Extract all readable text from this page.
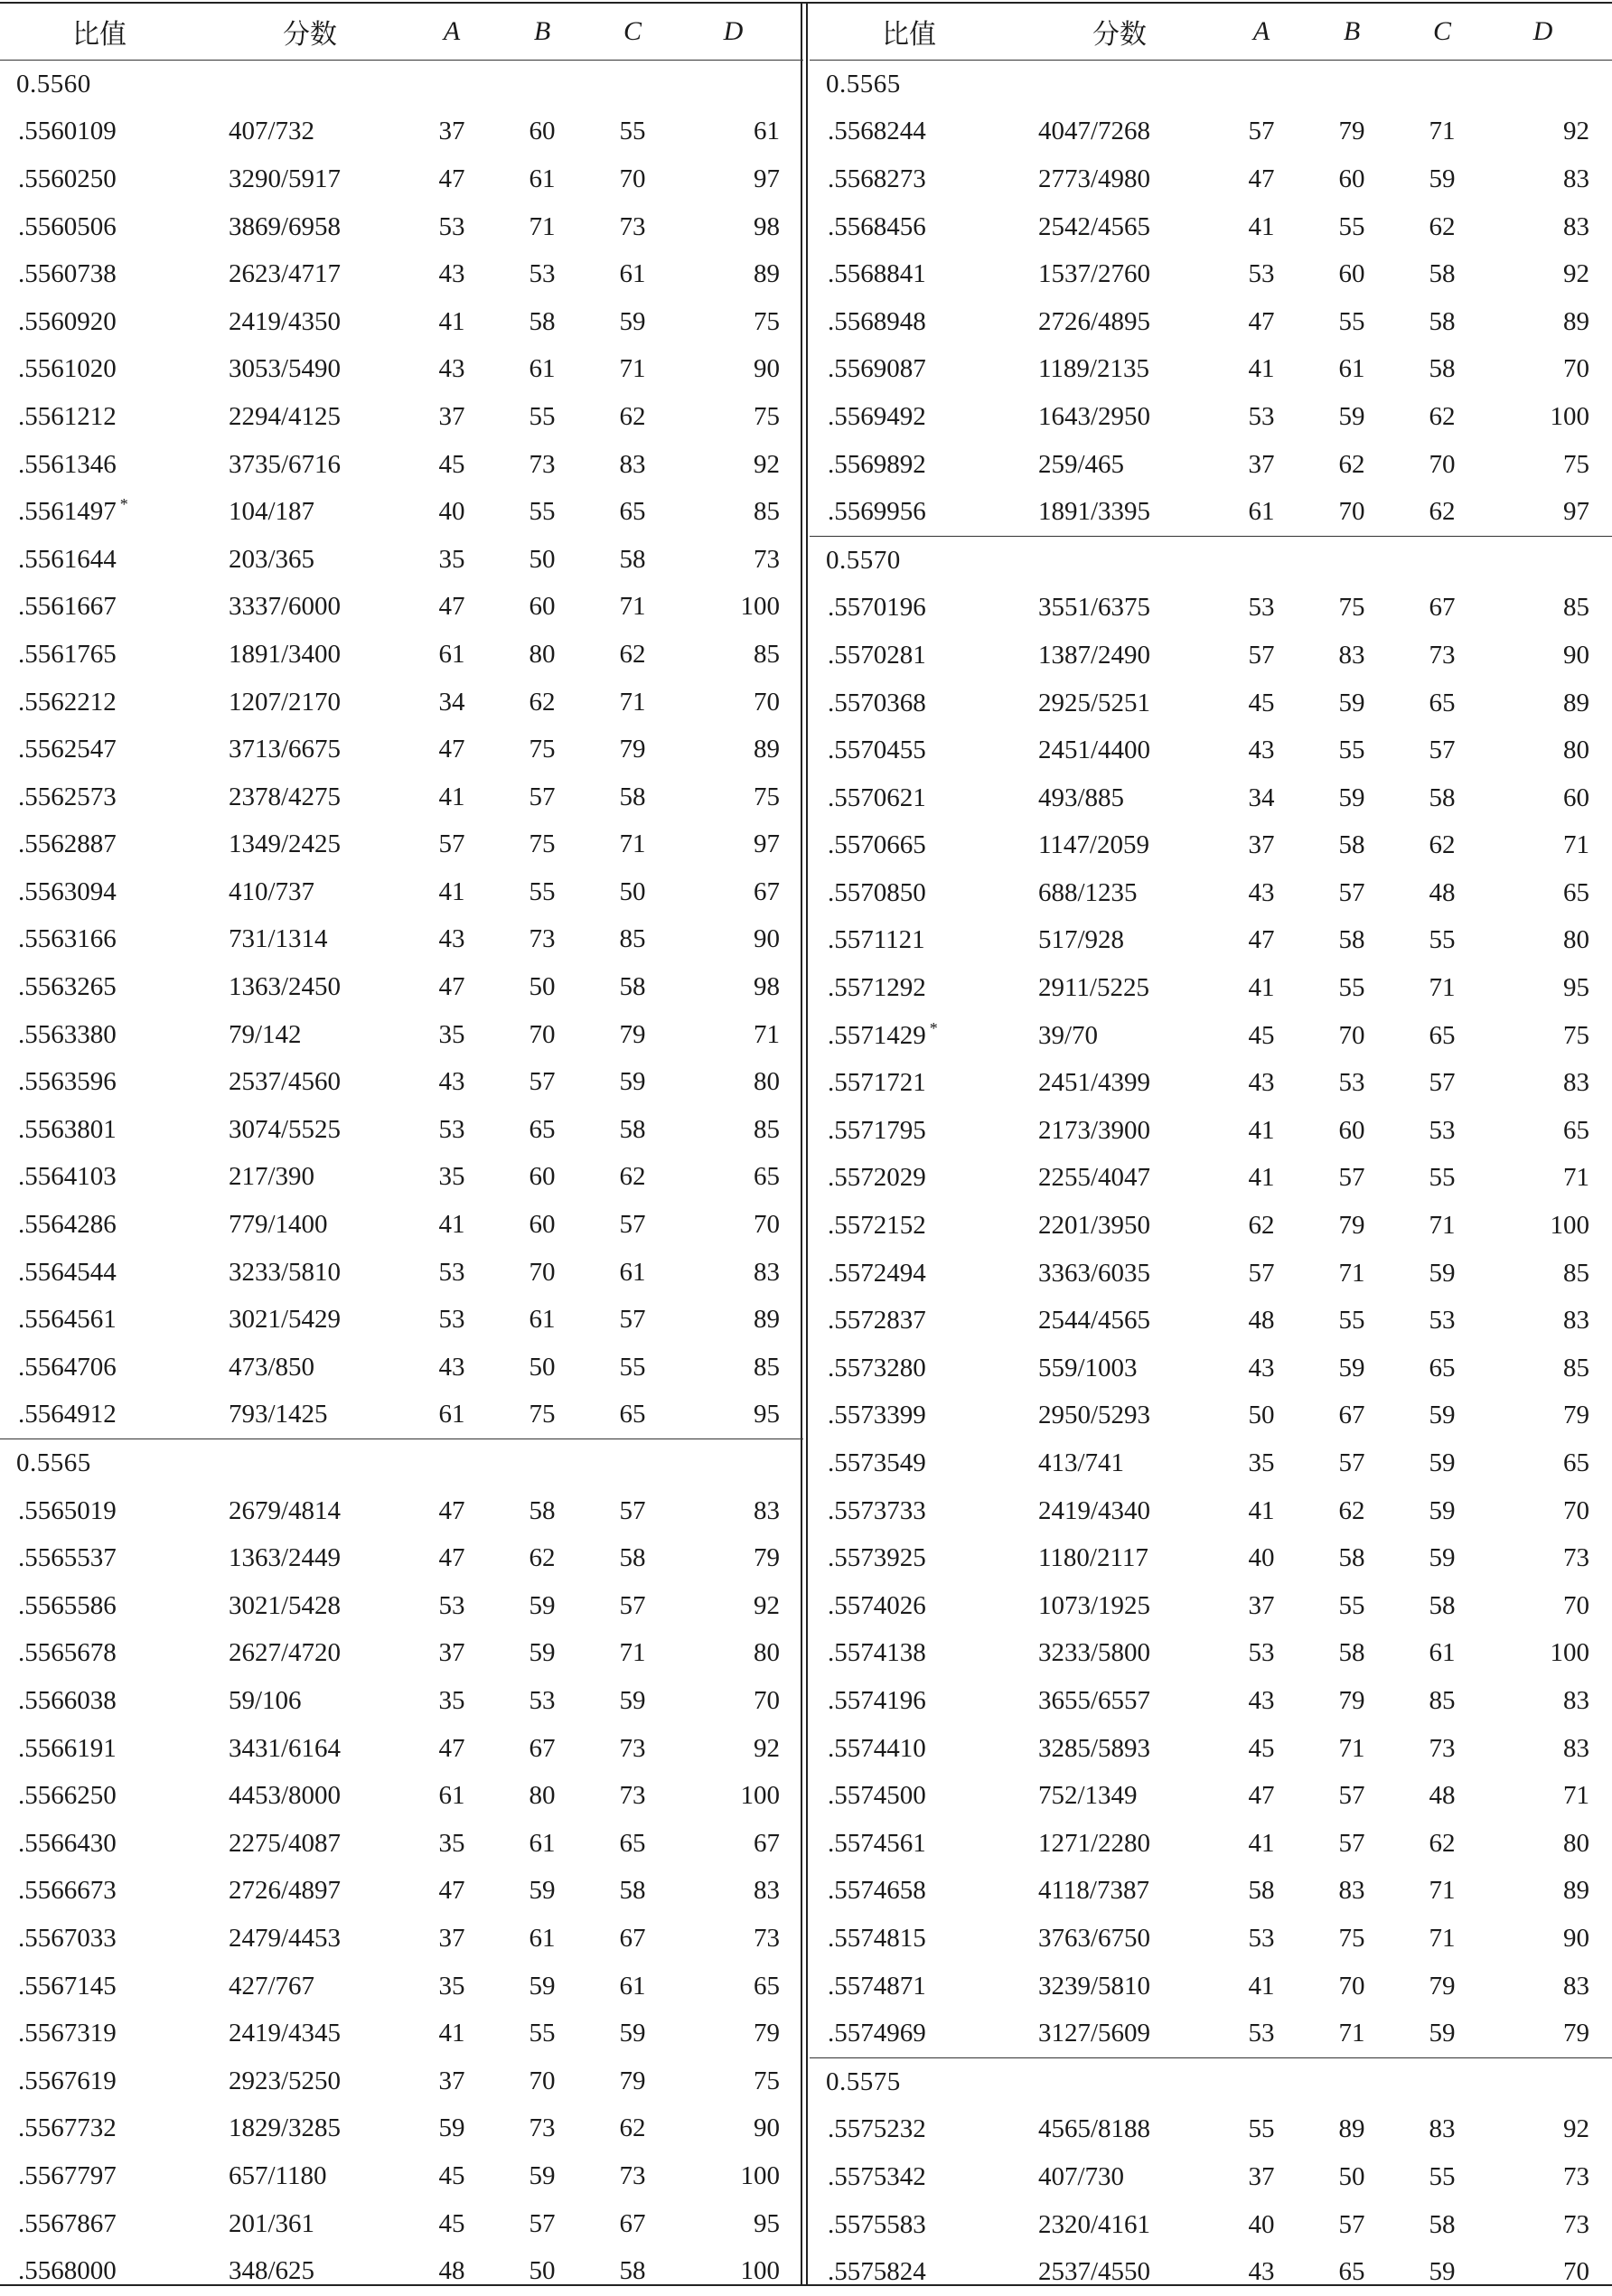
比值	分数	A	B	C	D
0.5560
.5560109	407/732	37	60	55	61
.5560250	3290/5917	47	61	70	97
.5560506	3869/6958	53	71	73	98
.5560738	2623/4717	43	53	61	89
.5560920	2419/4350	41	58	59	75
.5561020	3053/5490	43	61	71	90
.5561212	2294/4125	37	55	62	75
.5561346	3735/6716	45	73	83	92
.5561497 *	104/187	40	55	65	85
.5561644	203/365	35	50	58	73
.5561667	3337/6000	47	60	71	100
.5561765	1891/3400	61	80	62	85
.5562212	1207/2170	34	62	71	70
.5562547	3713/6675	47	75	79	89
.5562573	2378/4275	41	57	58	75
.5562887	1349/2425	57	75	71	97
.5563094	410/737	41	55	50	67
.5563166	731/1314	43	73	85	90
.5563265	1363/2450	47	50	58	98
.5563380	79/142	35	70	79	71
.5563596	2537/4560	43	57	59	80
.5563801	3074/5525	53	65	58	85
.5564103	217/390	35	60	62	65
.5564286	779/1400	41	60	57	70
.5564544	3233/5810	53	70	61	83
.5564561	3021/5429	53	61	57	89
.5564706	473/850	43	50	55	85
.5564912	793/1425	61	75	65	95
0.5565
.5565019	2679/4814	47	58	57	83
.5565537	1363/2449	47	62	58	79
.5565586	3021/5428	53	59	57	92
.5565678	2627/4720	37	59	71	80
.5566038	59/106	35	53	59	70
.5566191	3431/6164	47	67	73	92
.5566250	4453/8000	61	80	73	100
.5566430	2275/4087	35	61	65	67
.5566673	2726/4897	47	59	58	83
.5567033	2479/4453	37	61	67	73
.5567145	427/767	35	59	61	65
.5567319	2419/4345	41	55	59	79
.5567619	2923/5250	37	70	79	75
.5567732	1829/3285	59	73	62	90
.5567797	657/1180	45	59	73	100
.5567867	201/361	45	57	67	95
.5568000	348/625	48	50	58	100
比值	分数	A	B	C	D
0.5565
.5568244	4047/7268	57	79	71	92
.5568273	2773/4980	47	60	59	83
.5568456	2542/4565	41	55	62	83
.5568841	1537/2760	53	60	58	92
.5568948	2726/4895	47	55	58	89
.5569087	1189/2135	41	61	58	70
.5569492	1643/2950	53	59	62	100
.5569892	259/465	37	62	70	75
.5569956	1891/3395	61	70	62	97
0.5570
.5570196	3551/6375	53	75	67	85
.5570281	1387/2490	57	83	73	90
.5570368	2925/5251	45	59	65	89
.5570455	2451/4400	43	55	57	80
.5570621	493/885	34	59	58	60
.5570665	1147/2059	37	58	62	71
.5570850	688/1235	43	57	48	65
.5571121	517/928	47	58	55	80
.5571292	2911/5225	41	55	71	95
.5571429 *	39/70	45	70	65	75
.5571721	2451/4399	43	53	57	83
.5571795	2173/3900	41	60	53	65
.5572029	2255/4047	41	57	55	71
.5572152	2201/3950	62	79	71	100
.5572494	3363/6035	57	71	59	85
.5572837	2544/4565	48	55	53	83
.5573280	559/1003	43	59	65	85
.5573399	2950/5293	50	67	59	79
.5573549	413/741	35	57	59	65
.5573733	2419/4340	41	62	59	70
.5573925	1180/2117	40	58	59	73
.5574026	1073/1925	37	55	58	70
.5574138	3233/5800	53	58	61	100
.5574196	3655/6557	43	79	85	83
.5574410	3285/5893	45	71	73	83
.5574500	752/1349	47	57	48	71
.5574561	1271/2280	41	57	62	80
.5574658	4118/7387	58	83	71	89
.5574815	3763/6750	53	75	71	90
.5574871	3239/5810	41	70	79	83
.5574969	3127/5609	53	71	59	79
0.5575
.5575232	4565/8188	55	89	83	92
.5575342	407/730	37	50	55	73
.5575583	2320/4161	40	57	58	73
.5575824	2537/4550	43	65	59	70
